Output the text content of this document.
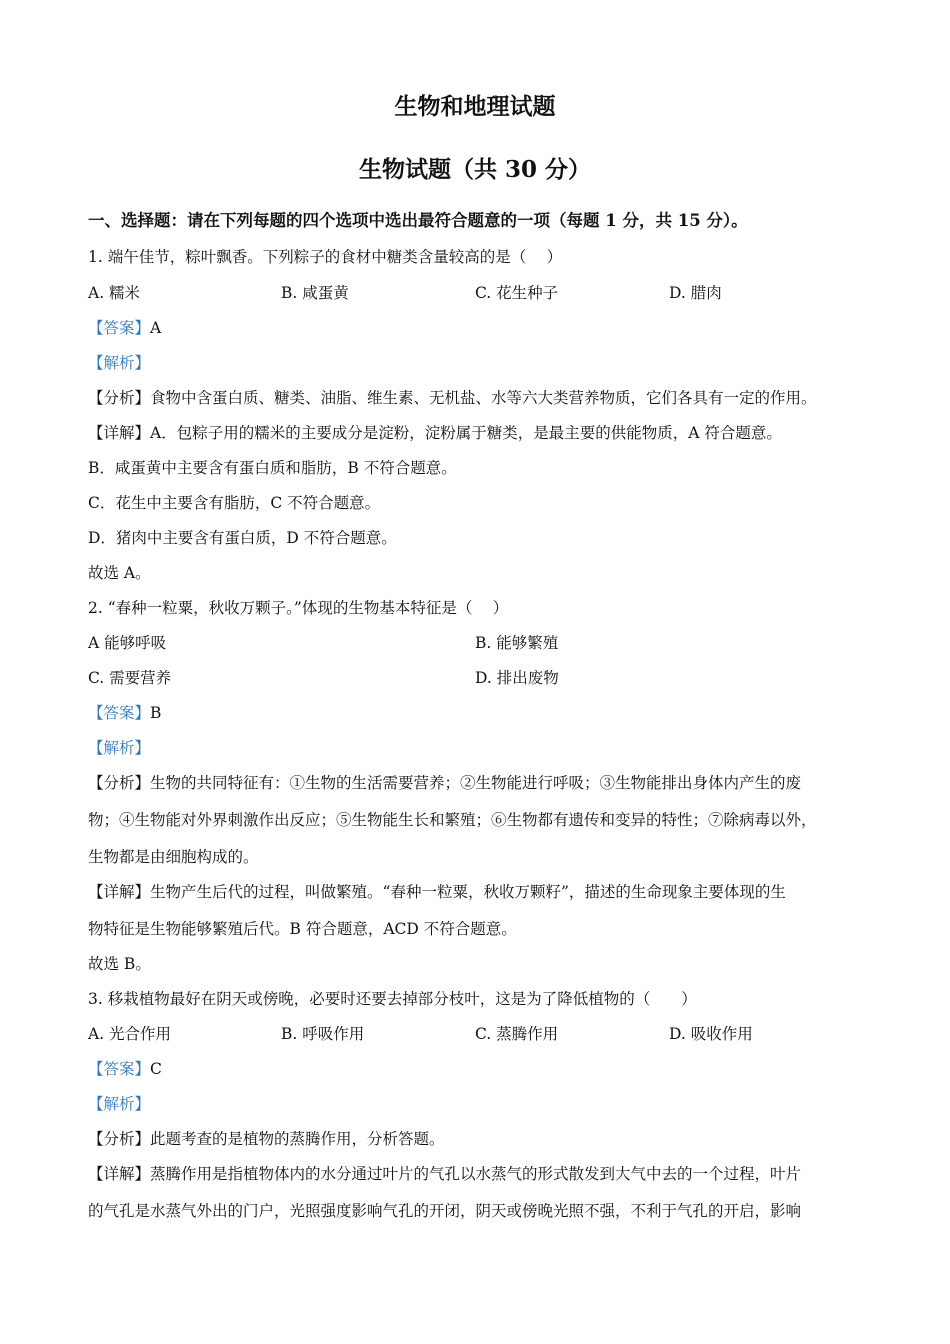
生物和地理试题
生物试题（共 30 分）
一、选择题：请在下列每题的四个选项中选出最符合题意的一项（每题 1 分，共 15 分）。
1. 端午佳节，粽叶飘香。下列粽子的食材中糖类含量较高的是（　 ）
A. 糯米	B. 咸蛋黄	C. 花生种子	D. 腊肉
【答案】A
【解析】
【分析】食物中含蛋白质、糖类、油脂、维生素、无机盐、水等六大类营养物质，它们各具有一定的作用。
【详解】A．包粽子用的糯米的主要成分是淀粉，淀粉属于糖类，是最主要的供能物质，A 符合题意。
B．咸蛋黄中主要含有蛋白质和脂肪，B 不符合题意。
C．花生中主要含有脂肪，C 不符合题意。
D．猪肉中主要含有蛋白质，D 不符合题意。
故选 A。
2. “春种一粒粟，秋收万颗子。”体现的生物基本特征是（　 ）
A 能够呼吸	B. 能够繁殖
C. 需要营养	D. 排出废物
【答案】B
【解析】
【分析】生物的共同特征有：①生物的生活需要营养；②生物能进行呼吸；③生物能排出身体内产生的废
物；④生物能对外界刺激作出反应；⑤生物能生长和繁殖；⑥生物都有遗传和变异的特性；⑦除病毒以外，
生物都是由细胞构成的。
【详解】生物产生后代的过程，叫做繁殖。“春种一粒粟，秋收万颗籽”，描述的生命现象主要体现的生
物特征是生物能够繁殖后代。B 符合题意，ACD 不符合题意。
故选 B。
3. 移栽植物最好在阴天或傍晚，必要时还要去掉部分枝叶，这是为了降低植物的（　　）
A. 光合作用	B. 呼吸作用	C. 蒸腾作用	D. 吸收作用
【答案】C
【解析】
【分析】此题考查的是植物的蒸腾作用，分析答题。
【详解】蒸腾作用是指植物体内的水分通过叶片的气孔以水蒸气的形式散发到大气中去的一个过程，叶片
的气孔是水蒸气外出的门户，光照强度影响气孔的开闭，阴天或傍晚光照不强，不利于气孔的开启，影响
